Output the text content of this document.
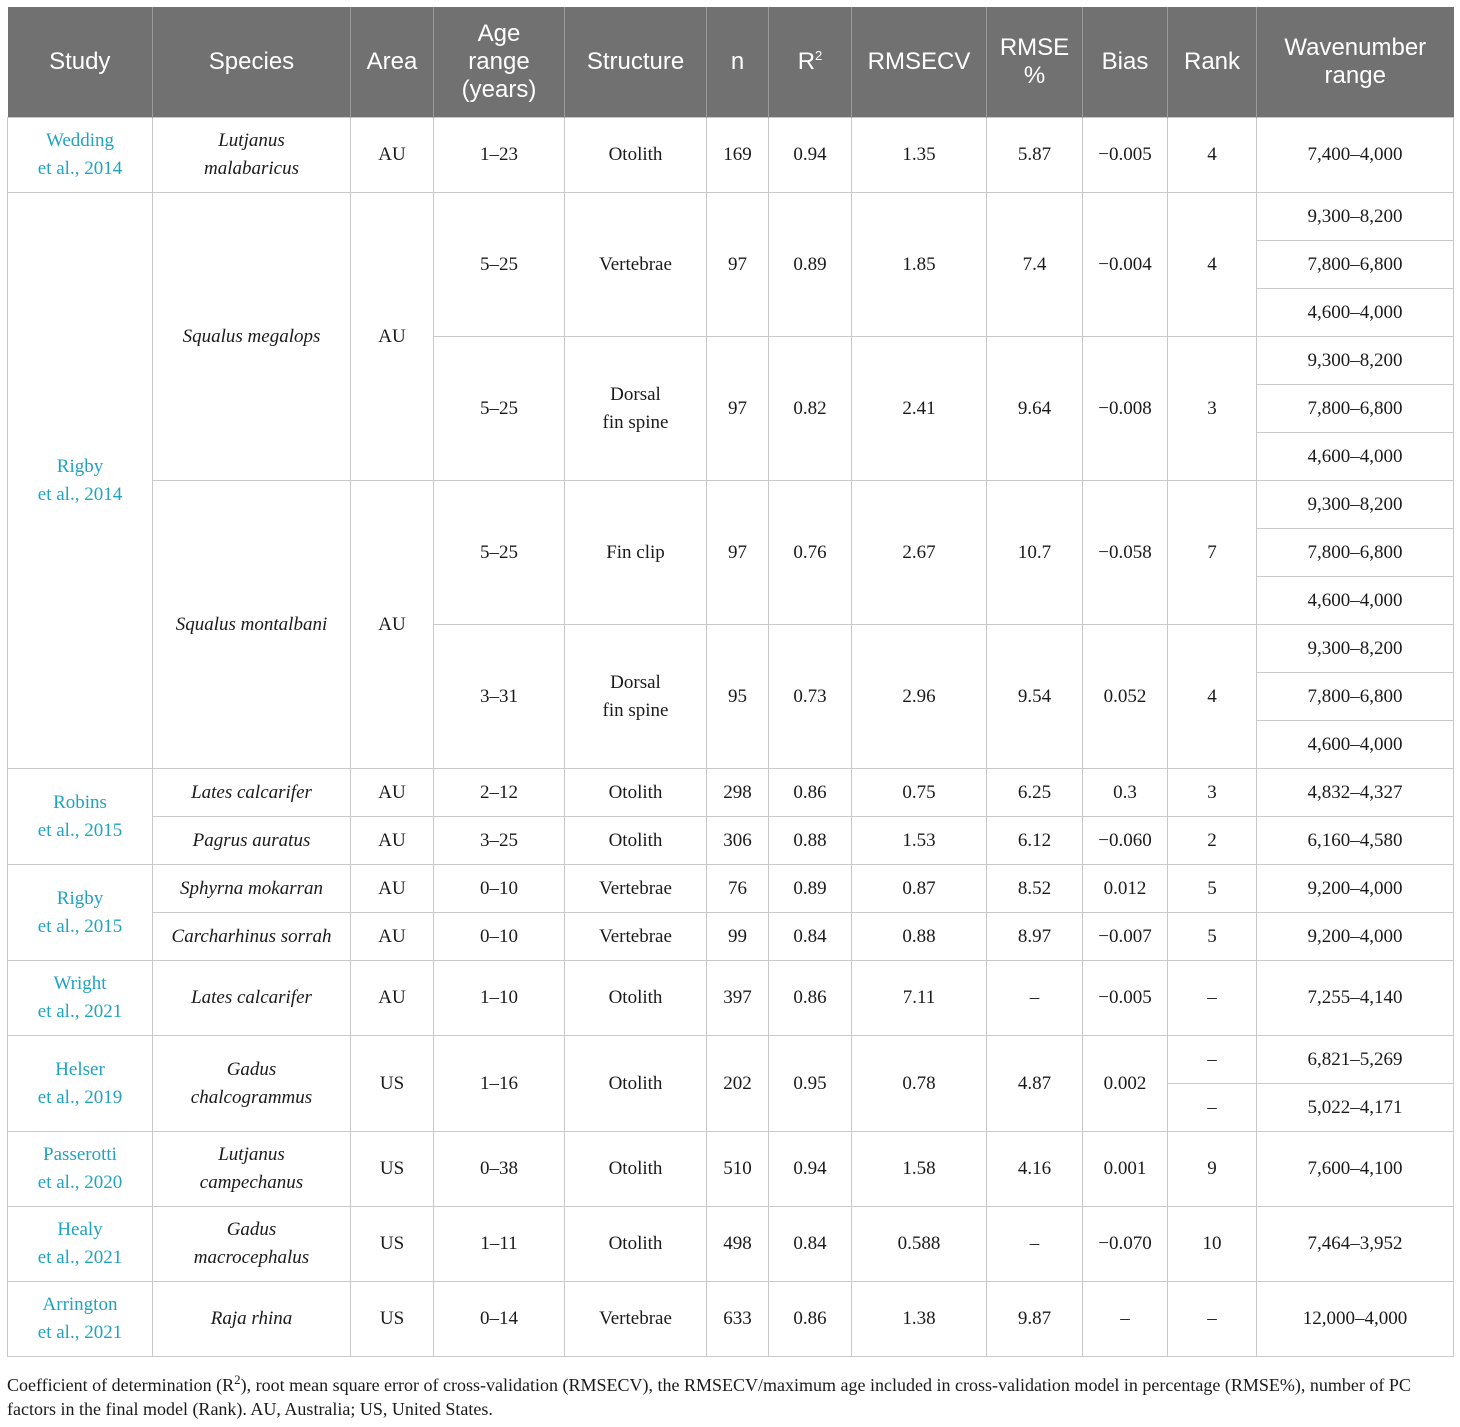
Study	Species	Area	Age
range
(years)	Structure	n	$R^2$	RMSECV	RMSE
%	Bias	Rank	Wavenumber
range

Wedding
et al., 2014	Lutjanus
malabaricus	AU	1–23	Otolith	169	0.94	1.35	5.87	−0.005	4	7,400–4,000

Rigby
et al., 2014	Squalus megalops	AU	5–25	Vertebrae	97	0.89	1.85	7.4	−0.004	4	9,300–8,200
											7,800–6,800
											4,600–4,000
			5–25	Dorsal
fin spine	97	0.82	2.41	9.64	−0.008	3	9,300–8,200
											7,800–6,800
											4,600–4,000
	Squalus montalbani	AU	5–25	Fin clip	97	0.76	2.67	10.7	−0.058	7	9,300–8,200
											7,800–6,800
											4,600–4,000
			3–31	Dorsal
fin spine	95	0.73	2.96	9.54	0.052	4	9,300–8,200
											7,800–6,800
											4,600–4,000

Robins
et al., 2015	Lates calcarifer	AU	2–12	Otolith	298	0.86	0.75	6.25	0.3	3	4,832–4,327
	Pagrus auratus	AU	3–25	Otolith	306	0.88	1.53	6.12	−0.060	2	6,160–4,580

Rigby
et al., 2015	Sphyrna mokarran	AU	0–10	Vertebrae	76	0.89	0.87	8.52	0.012	5	9,200–4,000
	Carcharhinus sorrah	AU	0–10	Vertebrae	99	0.84	0.88	8.97	−0.007	5	9,200–4,000

Wright
et al., 2021	Lates calcarifer	AU	1–10	Otolith	397	0.86	7.11	–	−0.005	–	7,255–4,140

Helser
et al., 2019	Gadus
chalcogrammus	US	1–16	Otolith	202	0.95	0.78	4.87	0.002	–	6,821–5,269
										–	5,022–4,171

Passerotti
et al., 2020	Lutjanus
campechanus	US	0–38	Otolith	510	0.94	1.58	4.16	0.001	9	7,600–4,100

Healy
et al., 2021	Gadus
macrocephalus	US	1–11	Otolith	498	0.84	0.588	–	−0.070	10	7,464–3,952

Arrington
et al., 2021	Raja rhina	US	0–14	Vertebrae	633	0.86	1.38	9.87	–	–	12,000–4,000
Coefficient of determination $(R^2)$, root mean square error of cross-validation (RMSECV), the RMSECV/maximum age included in cross-validation model in percentage (RMSE%), number of PC factors in the final model (Rank). AU, Australia; US, United States.
